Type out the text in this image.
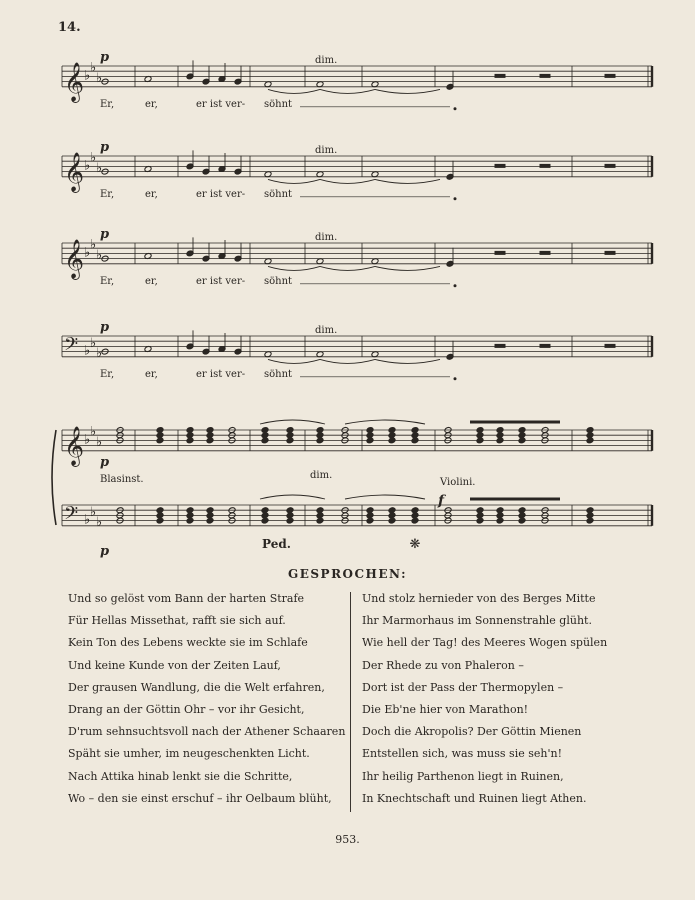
14.
𝄞 ♭
♭
♭
p	dim.
Er,	er,	er ist ver- söhnt
𝄞 ♭
♭
♭
p	dim.
Er,	er,	er ist ver- söhnt
𝄞 ♭
♭
♭
p	dim.
Er,	er,	er ist ver- söhnt
𝄢 ♭
♭
♭
p	dim.
Er,	er,	er ist ver- söhnt
𝄞 ♭
♭
♭
𝄢 ♭
♭
♭
p
Blasinst.	dim.
Violini.
f
p	Ped.	❋
GESPROCHEN:
Und so gelöst vom Bann der harten Strafe
Für Hellas Missethat, rafft sie sich auf.
Kein Ton des Lebens weckte sie im Schlafe
Und keine Kunde von der Zeiten Lauf,
Der grausen Wandlung, die die Welt erfahren,
Drang an der Göttin Ohr – vor ihr Gesicht,
D'rum sehnsuchtsvoll nach der Athener Schaaren
Späht sie umher, im neugeschenkten Licht.
Nach Attika hinab lenkt sie die Schritte,
Wo – den sie einst erschuf – ihr Oelbaum blüht,
Und stolz hernieder von des Berges Mitte
Ihr Marmorhaus im Sonnenstrahle glüht.
Wie hell der Tag! des Meeres Wogen spülen
Der Rhede zu von Phaleron –
Dort ist der Pass der Thermopylen –
Die Eb'ne hier von Marathon!
Doch die Akropolis? Der Göttin Mienen
Entstellen sich, was muss sie seh'n!
Ihr heilig Parthenon liegt in Ruinen,
In Knechtschaft und Ruinen liegt Athen.
953.
